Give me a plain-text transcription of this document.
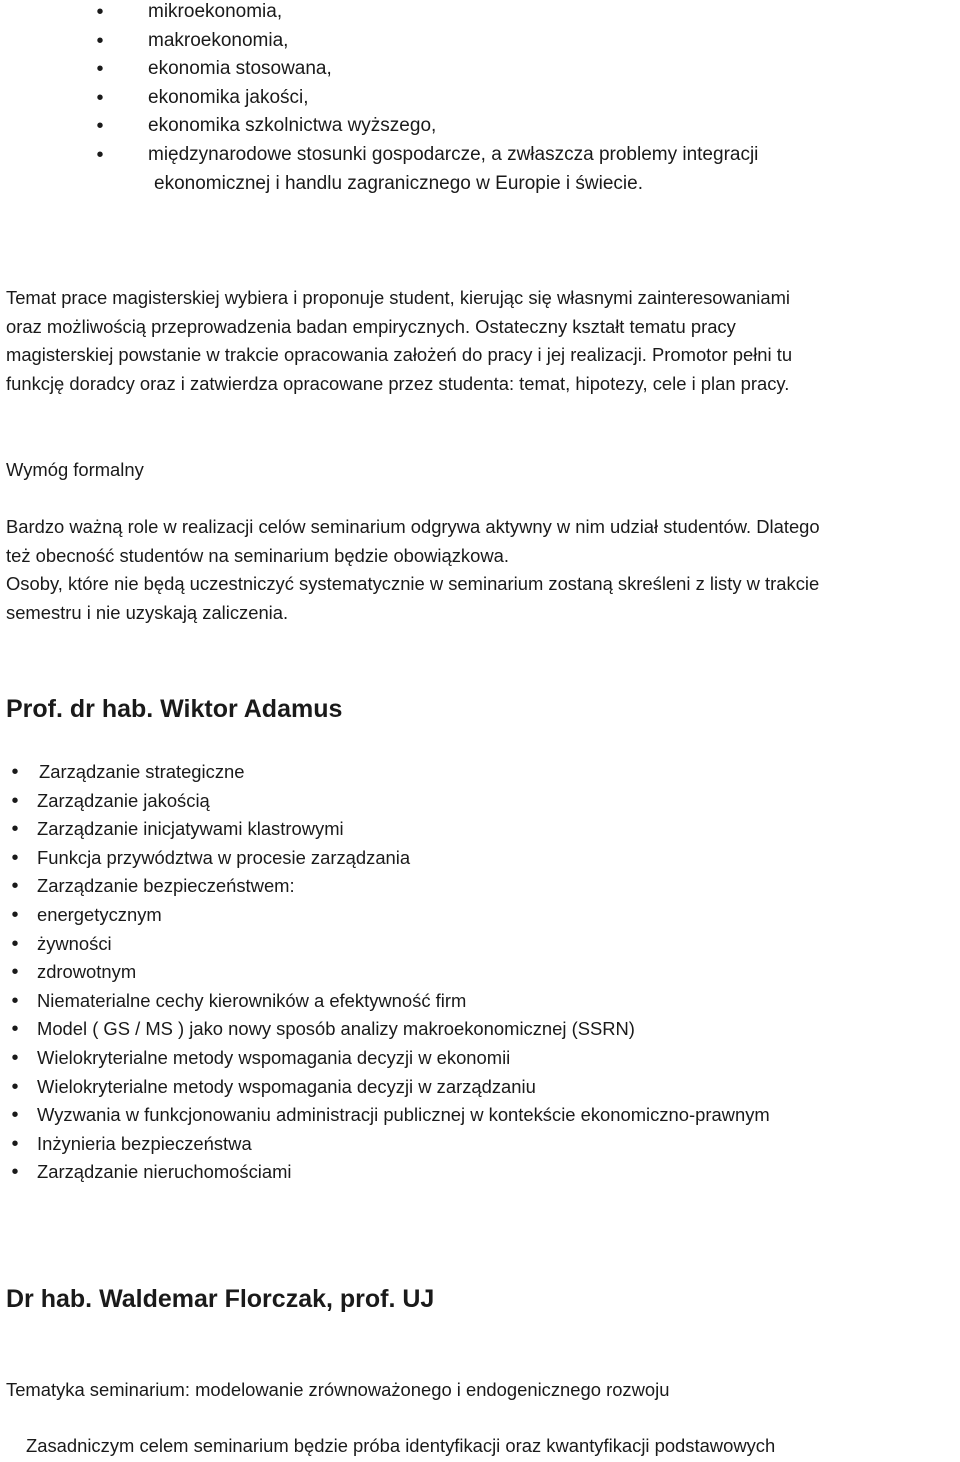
•	mikroekonomia,
•	makroekonomia,
•	ekonomia stosowana,
•	ekonomika jakości,
•	ekonomika szkolnictwa wyższego,
•	międzynarodowe stosunki gospodarcze, a zwłaszcza problemy integracji
ekonomicznej i handlu zagranicznego w Europie i świecie.
Temat prace magisterskiej wybiera i proponuje student, kierując się własnymi zainteresowaniami
oraz możliwością przeprowadzenia badan empirycznych. Ostateczny kształt tematu pracy
magisterskiej powstanie w trakcie opracowania założeń do pracy i jej realizacji. Promotor pełni tu
funkcję doradcy oraz i zatwierdza opracowane przez studenta: temat, hipotezy, cele i plan pracy.
Wymóg formalny
Bardzo ważną role w realizacji celów seminarium odgrywa aktywny w nim udział studentów. Dlatego
też obecność studentów na seminarium będzie obowiązkowa.
Osoby, które nie będą uczestniczyć systematycznie w seminarium zostaną skreśleni z listy w trakcie
semestru i nie uzyskają zaliczenia.
Prof. dr hab. Wiktor Adamus
• Zarządzanie strategiczne
• Zarządzanie jakością
• Zarządzanie inicjatywami klastrowymi
• Funkcja przywództwa w procesie zarządzania
• Zarządzanie bezpieczeństwem:
• energetycznym
• żywności
• zdrowotnym
• Niematerialne cechy kierowników a efektywność firm
• Model ( GS / MS ) jako nowy sposób analizy makroekonomicznej (SSRN)
• Wielokryterialne metody wspomagania decyzji w ekonomii
• Wielokryterialne metody wspomagania decyzji w zarządzaniu
• Wyzwania w funkcjonowaniu administracji publicznej w kontekście ekonomiczno-prawnym
• Inżynieria bezpieczeństwa
• Zarządzanie nieruchomościami
Dr hab. Waldemar Florczak, prof. UJ
Tematyka seminarium: modelowanie zrównoważonego i endogenicznego rozwoju
Zasadniczym celem seminarium będzie próba identyfikacji oraz kwantyfikacji podstawowych
